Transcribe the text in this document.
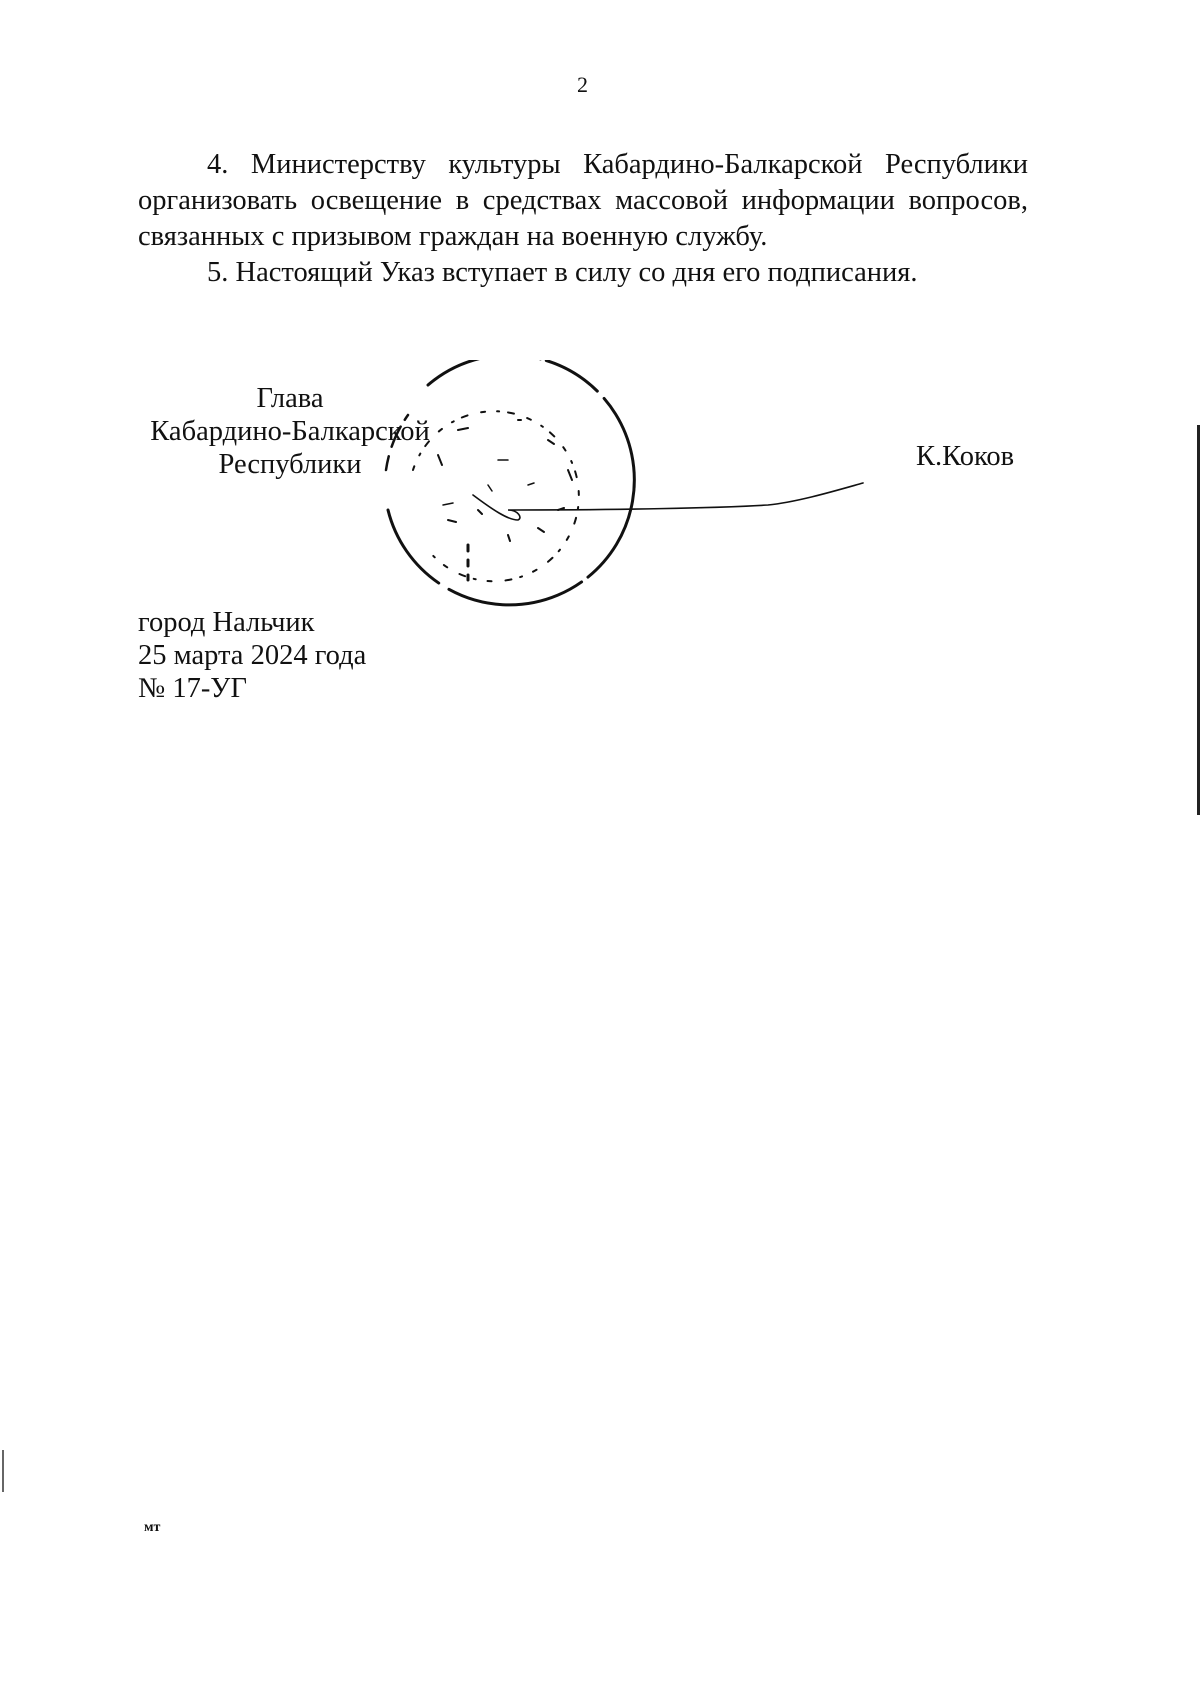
2

4. Министерству культуры Кабардино-Балкарской Республики организовать освещение в средствах массовой информации вопросов, связанных с призывом граждан на военную службу.

5. Настоящий Указ вступает в силу со дня его подписания.

Глава
Кабардино-Балкарской
Республики	К.Коков
город Нальчик
25 марта 2024 года
№ 17-УГ
мт
